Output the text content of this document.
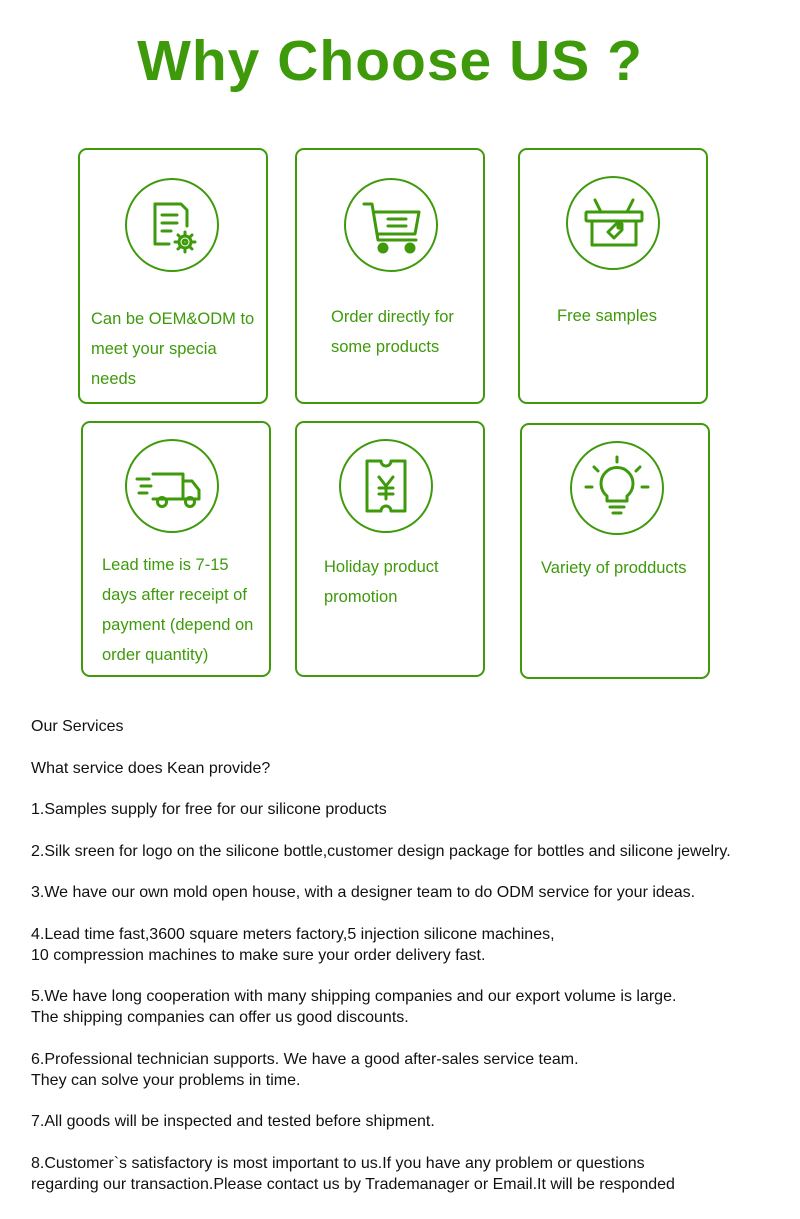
Why Choose US ?
Can be OEM&ODM to
meet your specia
needs
Order directly for
some products
Free samples
Lead time is 7-15
days after receipt of
payment (depend on
order quantity)
Holiday product
promotion
Variety of prodducts

Our Services

What service does Kean provide?

1.Samples supply for free for our silicone products

2.Silk sreen for logo on the silicone bottle,customer design package for bottles and silicone jewelry.

3.We have our own mold open house, with a designer team to do ODM service for your ideas.

4.Lead time fast,3600 square meters factory,5 injection silicone machines,
10 compression machines to make sure your order delivery fast.

5.We have long cooperation with many shipping companies and our export volume is large.
The shipping companies can offer us good discounts.

6.Professional technician supports. We have a good after-sales service team.
They can solve your problems in time.

7.All goods will be inspected and tested before shipment.

8.Customer`s satisfactory is most important to us.If you have any problem or questions
regarding our transaction.Please contact us by Trademanager or Email.It will be responded
